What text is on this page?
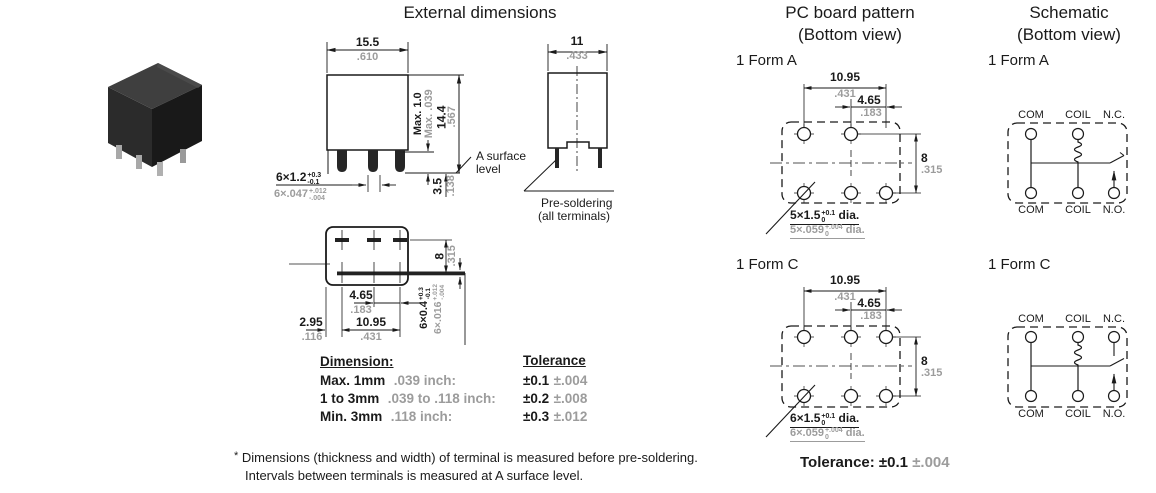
External dimensions
15.5
.610
Max. 1.0 Max. .039 14.4
.567
3.5 .138
A surface
level
6×1.2 +0.3
-0.1
6×.047 +.012
-.004
11
.433
Pre-soldering
(all terminals)
4.65
.183
10.95
.431
2.95
.116
8 .315
6×0.4
+0.3 -0.1
6×.016
+.012 -.004
Dimension:	Tolerance
Max. 1mm .039 inch:	±0.1 ±.004
1 to 3mm .039 to .118 inch: ±0.2 ±.008
Min. 3mm .118 inch:	±0.3 ±.012
* Dimensions (thickness and width) of terminal is measured before pre-soldering.
Intervals between terminals is measured at A surface level.
PC board pattern
(Bottom view)
1 Form A
10.95
.431 4.65
.183
8
.315
5×1.5 +0.1
0	dia.
5×.059 +.004
0	dia.
1 Form C
10.95
.431 4.65
.183
8
.315
6×1.5 +0.1
0	dia.
6×.059 +.004
0	dia.
Tolerance: ±0.1 ±.004
Schematic
(Bottom view)
1 Form A
COM	COIL	N.C.
COM	COIL	N.O.
1 Form C
COM	COIL	N.C.
COM	COIL	N.O.
